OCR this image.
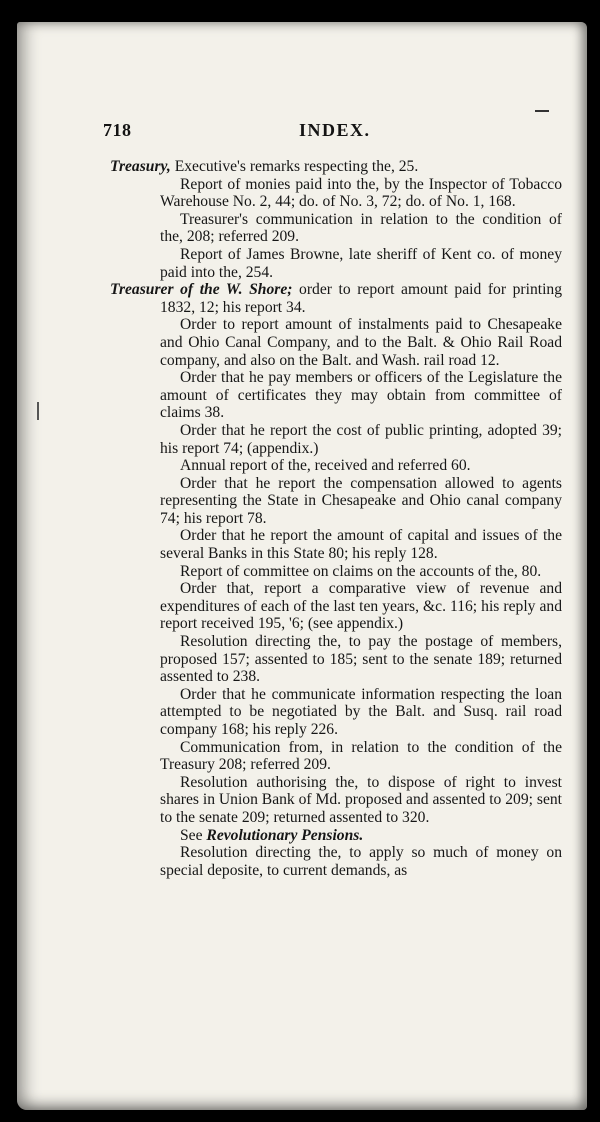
718	INDEX.

Treasury, Executive's remarks respecting the, 25.

Report of monies paid into the, by the Inspector of Tobacco Warehouse No. 2, 44; do. of No. 3, 72; do. of No. 1, 168.

Treasurer's communication in relation to the condition of the, 208; referred 209.

Report of James Browne, late sheriff of Kent co. of money paid into the, 254.

Treasurer of the W. Shore; order to report amount paid for printing 1832, 12; his report 34.

Order to report amount of instalments paid to Chesapeake and Ohio Canal Company, and to the Balt. & Ohio Rail Road company, and also on the Balt. and Wash. rail road 12.

Order that he pay members or officers of the Legislature the amount of certificates they may obtain from committee of claims 38.

Order that he report the cost of public printing, adopted 39; his report 74; (appendix.)

Annual report of the, received and referred 60.

Order that he report the compensation allowed to agents representing the State in Chesapeake and Ohio canal company 74; his report 78.

Order that he report the amount of capital and issues of the several Banks in this State 80; his reply 128.

Report of committee on claims on the accounts of the, 80.

Order that, report a comparative view of revenue and expenditures of each of the last ten years, &c. 116; his reply and report received 195, '6; (see appendix.)

Resolution directing the, to pay the postage of members, proposed 157; assented to 185; sent to the senate 189; returned assented to 238.

Order that he communicate information respecting the loan attempted to be negotiated by the Balt. and Susq. rail road company 168; his reply 226.

Communication from, in relation to the condition of the Treasury 208; referred 209.

Resolution authorising the, to dispose of right to invest shares in Union Bank of Md. proposed and assented to 209; sent to the senate 209; returned assented to 320.

See Revolutionary Pensions.

Resolution directing the, to apply so much of money on special deposite, to current demands, as
